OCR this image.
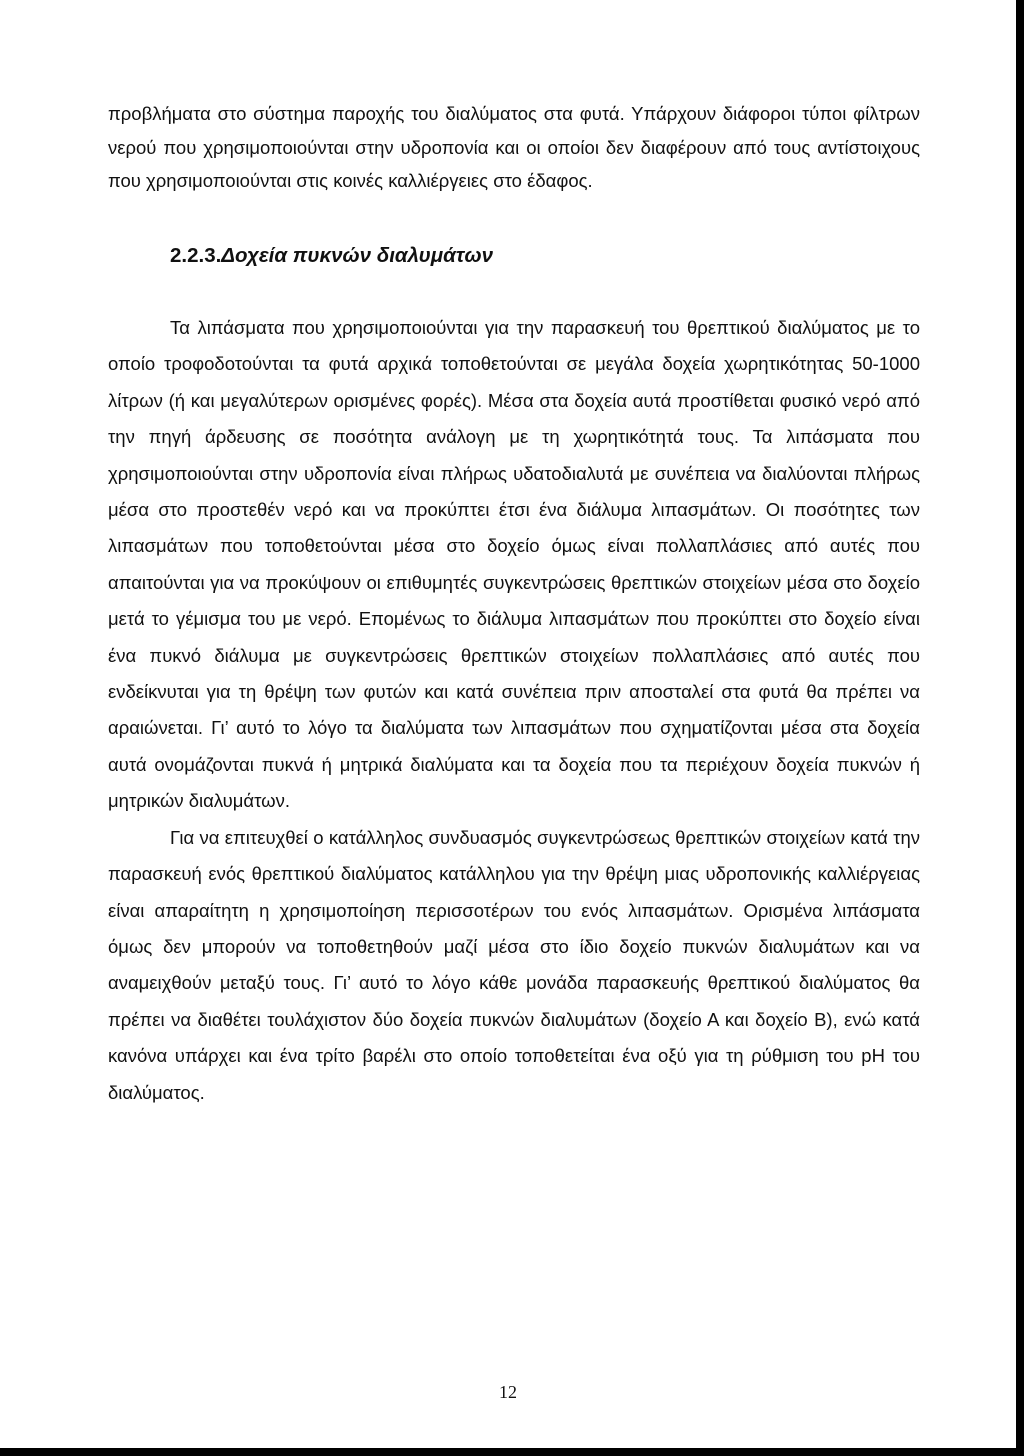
προβλήματα στο σύστημα παροχής του διαλύματος στα φυτά. Υπάρχουν διάφοροι τύποι φίλτρων νερού που χρησιμοποιούνται στην υδροπονία και οι οποίοι δεν διαφέρουν από τους αντίστοιχους που χρησιμοποιούνται στις κοινές καλλιέργειες στο έδαφος.

2.2.3.Δοχεία πυκνών διαλυμάτων

Τα λιπάσματα που χρησιμοποιούνται για την παρασκευή του θρεπτικού διαλύματος με το οποίο τροφοδοτούνται τα φυτά αρχικά τοποθετούνται σε μεγάλα δοχεία χωρητικότητας 50-1000 λίτρων (ή και μεγαλύτερων ορισμένες φορές). Μέσα στα δοχεία αυτά προστίθεται φυσικό νερό από την πηγή άρδευσης σε ποσότητα ανάλογη με τη χωρητικότητά τους. Τα λιπάσματα που χρησιμοποιούνται στην υδροπονία είναι πλήρως υδατοδιαλυτά με συνέπεια να διαλύονται πλήρως μέσα στο προστεθέν νερό και να προκύπτει έτσι ένα διάλυμα λιπασμάτων. Οι ποσότητες των λιπασμάτων που τοποθετούνται μέσα στο δοχείο όμως είναι πολλαπλάσιες από αυτές που απαιτούνται για να προκύψουν οι επιθυμητές συγκεντρώσεις θρεπτικών στοιχείων μέσα στο δοχείο μετά το γέμισμα του με νερό. Επομένως το διάλυμα λιπασμάτων που προκύπτει στο δοχείο είναι ένα πυκνό διάλυμα με συγκεντρώσεις θρεπτικών στοιχείων πολλαπλάσιες από αυτές που ενδείκνυται για τη θρέψη των φυτών και κατά συνέπεια πριν αποσταλεί στα φυτά θα πρέπει να αραιώνεται. Γι’ αυτό το λόγο τα διαλύματα των λιπασμάτων που σχηματίζονται μέσα στα δοχεία αυτά ονομάζονται πυκνά ή μητρικά διαλύματα και τα δοχεία που τα περιέχουν δοχεία πυκνών ή μητρικών διαλυμάτων.

Για να επιτευχθεί ο κατάλληλος συνδυασμός συγκεντρώσεως θρεπτικών στοιχείων κατά την παρασκευή ενός θρεπτικού διαλύματος κατάλληλου για την θρέψη μιας υδροπονικής καλλιέργειας είναι απαραίτητη η χρησιμοποίηση περισσοτέρων του ενός λιπασμάτων. Ορισμένα λιπάσματα όμως δεν μπορούν να τοποθετηθούν μαζί μέσα στο ίδιο δοχείο πυκνών διαλυμάτων και να αναμειχθούν μεταξύ τους. Γι’ αυτό το λόγο κάθε μονάδα παρασκευής θρεπτικού διαλύματος θα πρέπει να διαθέτει τουλάχιστον δύο δοχεία πυκνών διαλυμάτων (δοχείο Α και δοχείο Β), ενώ κατά κανόνα υπάρχει και ένα τρίτο βαρέλι στο οποίο τοποθετείται ένα οξύ για τη ρύθμιση του pH του διαλύματος.

12
